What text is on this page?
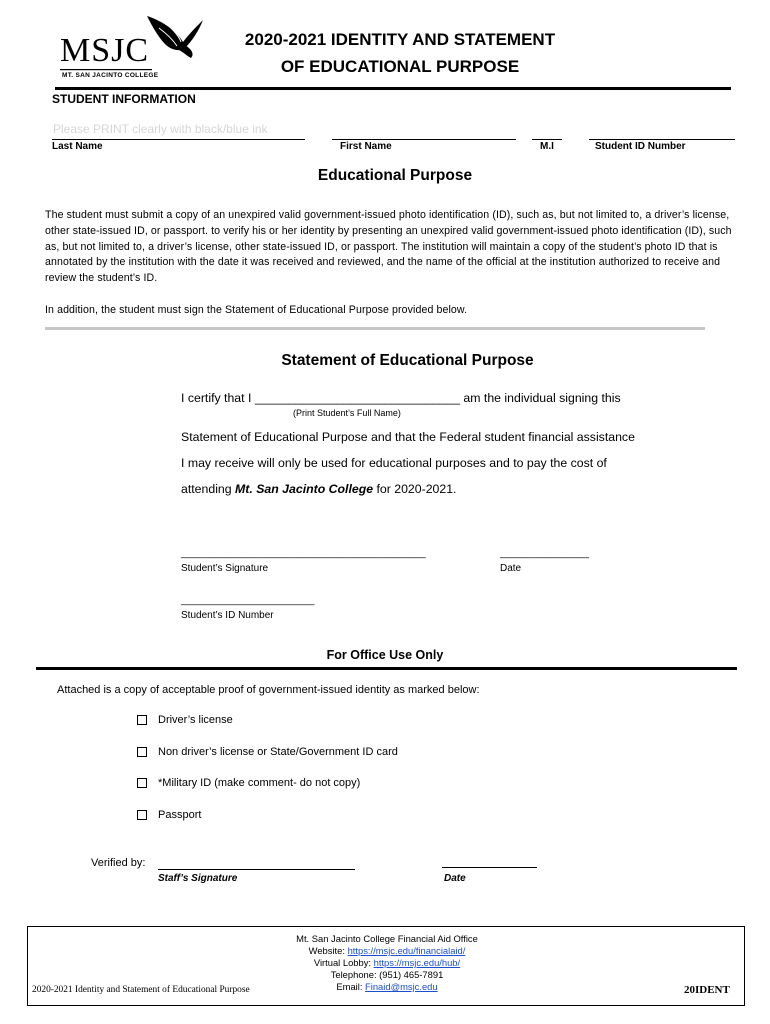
MSJC
MT. SAN JACINTO COLLEGE
2020-2021 IDENTITY AND STATEMENT
OF EDUCATIONAL PURPOSE
STUDENT INFORMATION
Please PRINT clearly with black/blue ink
Last Name	First Name	M.I	Student ID Number
Educational Purpose
The student must submit a copy of an unexpired valid government-issued photo identification (ID), such as, but not limited to, a driver’s license, other state-issued ID, or passport. to verify his or her identity by presenting an unexpired valid government-issued photo identification (ID), such as, but not limited to, a driver’s license, other state-issued ID, or passport. The institution will maintain a copy of the student’s photo ID that is annotated by the institution with the date it was received and reviewed, and the name of the official at the institution authorized to receive and review the student’s ID.
In addition, the student must sign the Statement of Educational Purpose provided below.
Statement of Educational Purpose
I certify that I ______________________________ am the individual signing this
(Print Student’s Full Name)
Statement of Educational Purpose and that the Federal student financial assistance
I may receive will only be used for educational purposes and to pay the cost of
attending Mt. San Jacinto College for 2020-2021.
____________________________________________
Student’s Signature
________________
Date
________________________
Student’s ID Number
For Office Use Only
Attached is a copy of acceptable proof of government-issued identity as marked below:
Driver’s license
Non driver’s license or State/Government ID card
*Military ID (make comment- do not copy)
Passport
Verified by:
Staff’s Signature	Date
Mt. San Jacinto College Financial Aid Office
Website: https://msjc.edu/financialaid/
Virtual Lobby: https://msjc.edu/hub/
Telephone: (951) 465-7891
Email: Finaid@msjc.edu
2020-2021 Identity and Statement of Educational Purpose	20IDENT
